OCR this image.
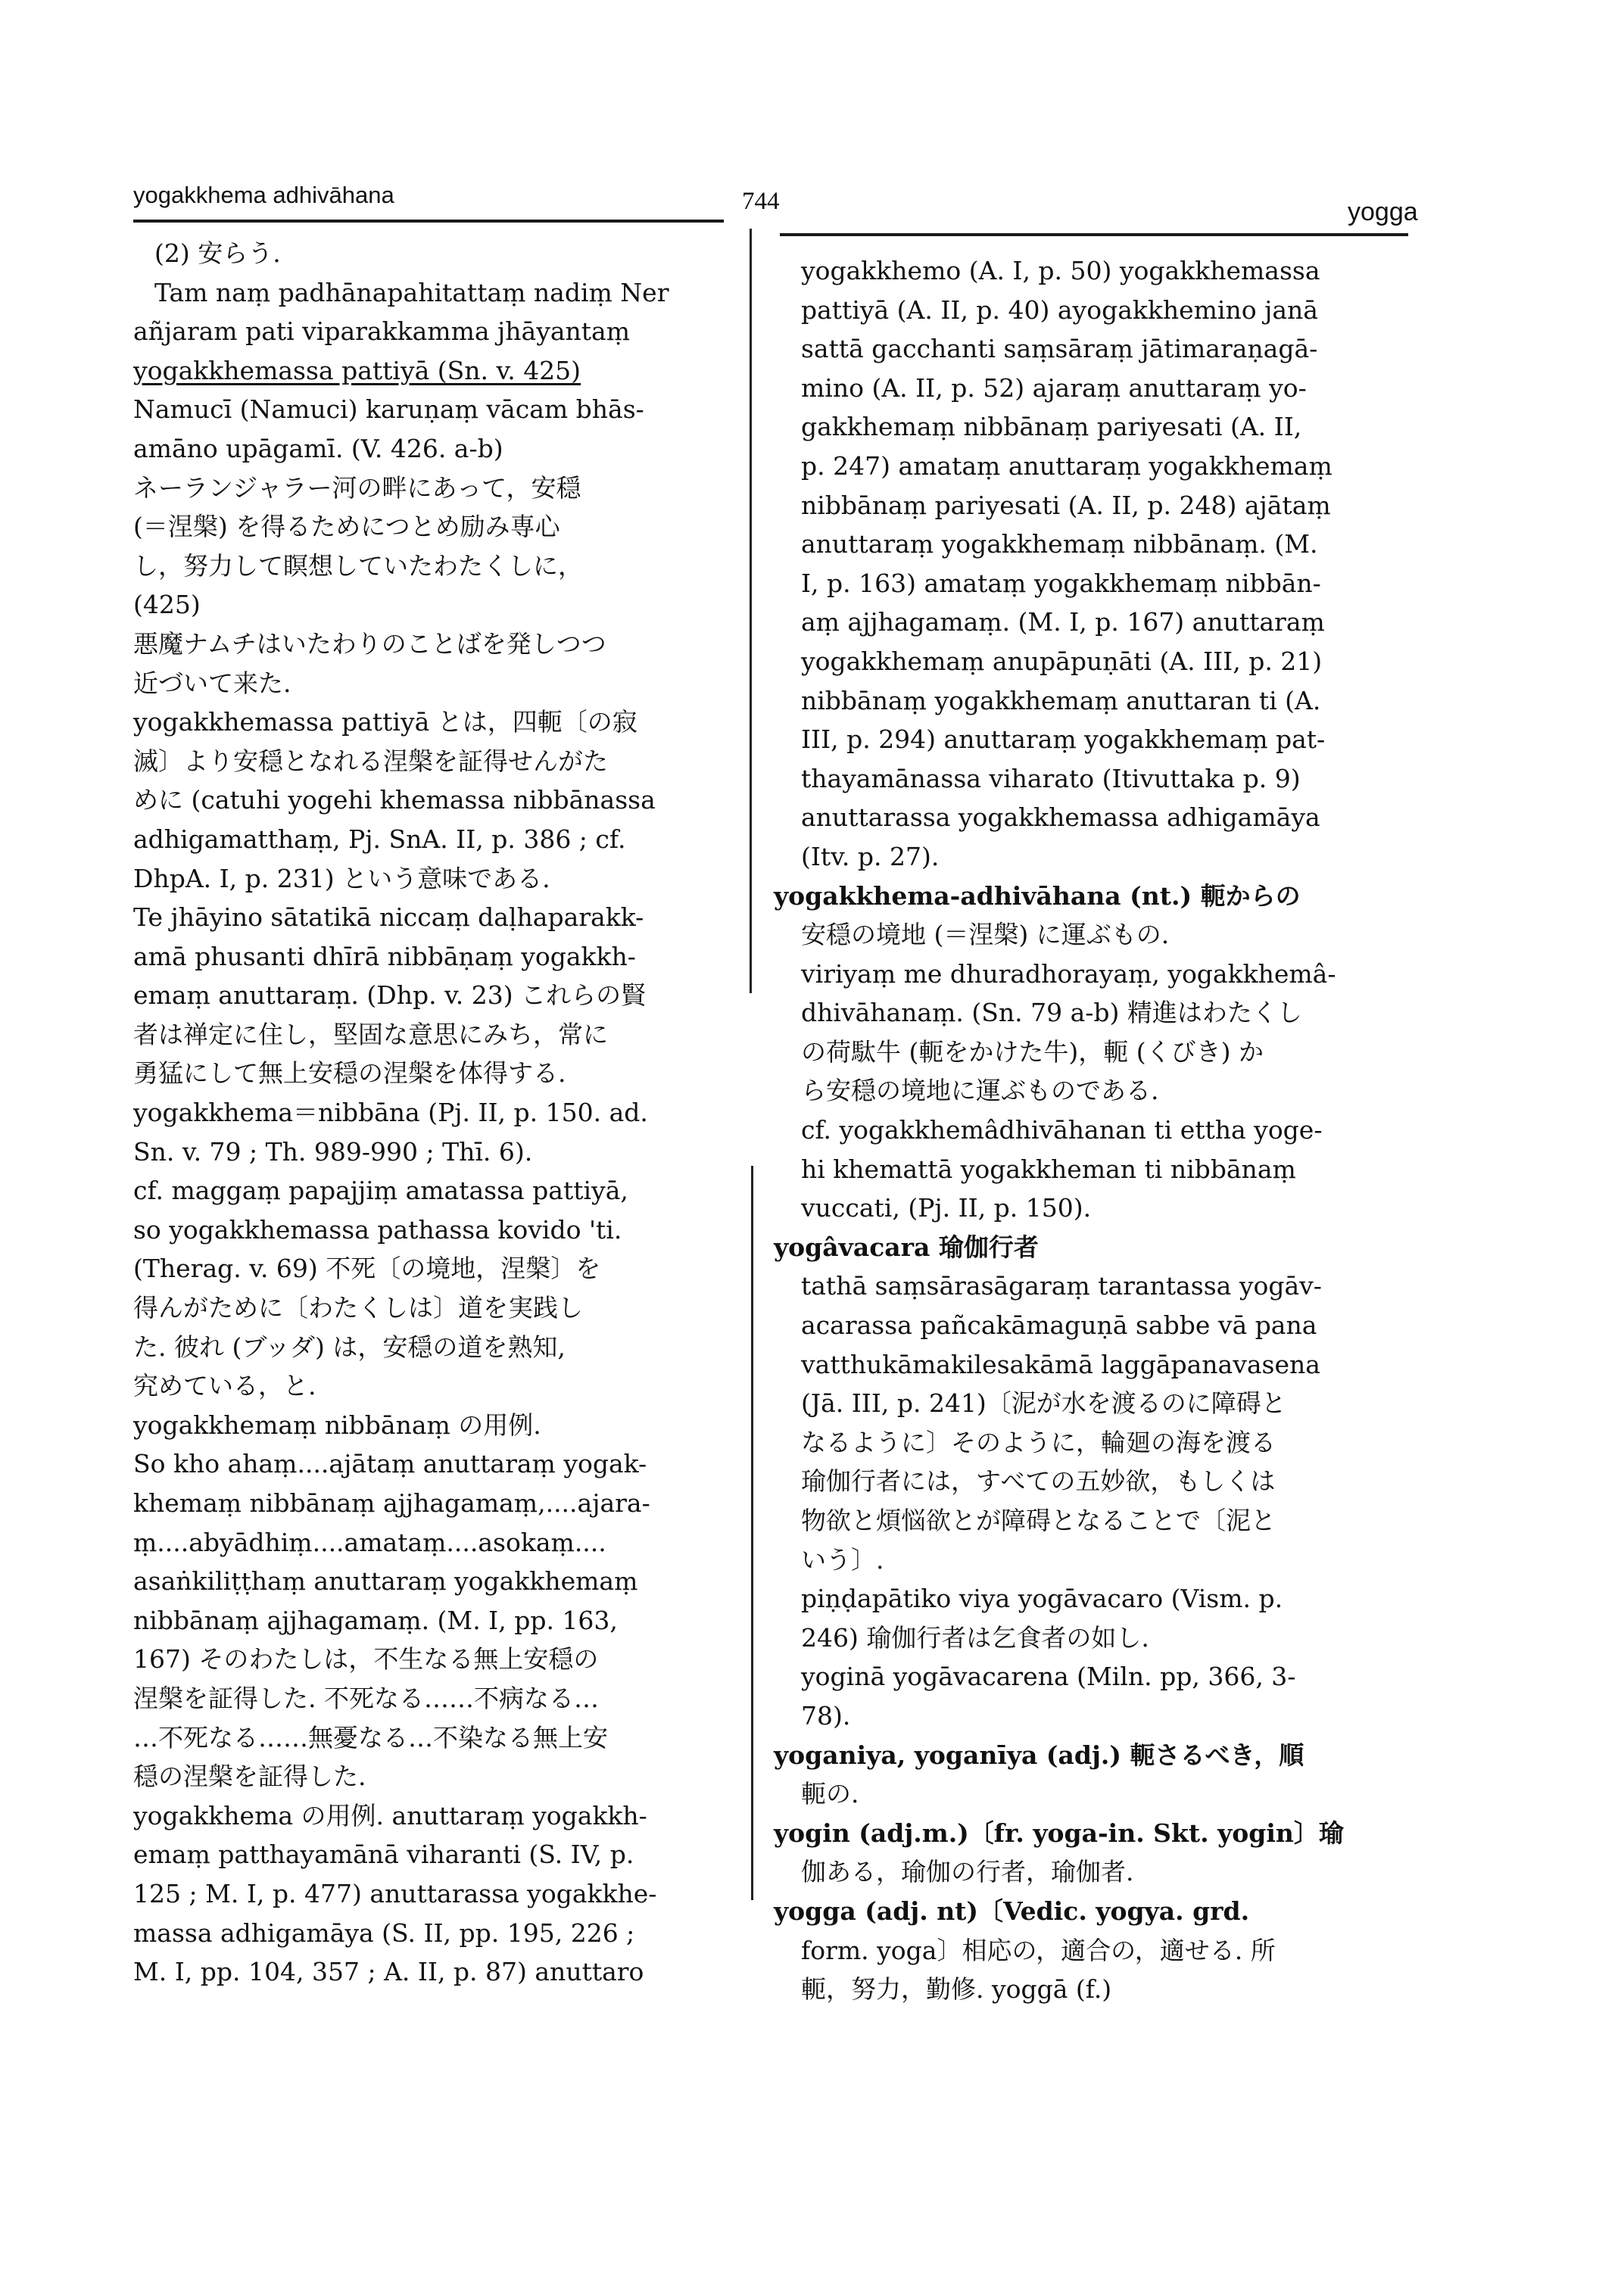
yogakkhema adhivāhana	744	yogga
(2) 安らう.
Tam naṃ padhānapahitattaṃ nadiṃ Ner
añjaram pati viparakkamma jhāyantaṃ
yogakkhemassa pattiyā (Sn. v. 425)
Namucī (Namuci) karuṇaṃ vācam bhās-
amāno upāgamī. (V. 426. a-b)
ネーランジャラー河の畔にあって，安穏
(＝涅槃) を得るためにつとめ励み専心
し，努力して瞑想していたわたくしに，
(425)
悪魔ナムチはいたわりのことばを発しつつ
近づいて来た.
yogakkhemassa pattiyā とは，四軛〔の寂
滅〕より安穏となれる涅槃を証得せんがた
めに (catuhi yogehi khemassa nibbānassa
adhigamatthaṃ, Pj. SnA. II, p. 386 ; cf.
DhpA. I, p. 231) という意味である.
Te jhāyino sātatikā niccaṃ daḷhaparakk-
amā phusanti dhīrā nibbāṇaṃ yogakkh-
emaṃ anuttaraṃ. (Dhp. v. 23) これらの賢
者は禅定に住し，堅固な意思にみち，常に
勇猛にして無上安穏の涅槃を体得する.
yogakkhema＝nibbāna (Pj. II, p. 150. ad.
Sn. v. 79 ; Th. 989-990 ; Thī. 6).
cf. maggaṃ papajjiṃ amatassa pattiyā,
so yogakkhemassa pathassa kovido 'ti.
(Therag. v. 69) 不死〔の境地，涅槃〕を
得んがために〔わたくしは〕道を実践し
た. 彼れ (ブッダ) は，安穏の道を熟知,
究めている，と.
yogakkhemaṃ nibbānaṃ の用例.
So kho ahaṃ....ajātaṃ anuttaraṃ yogak-
khemaṃ nibbānaṃ ajjhagamaṃ,....ajara-
ṃ....abyādhiṃ....amataṃ....asokaṃ....
asaṅkiliṭṭhaṃ anuttaraṃ yogakkhemaṃ
nibbānaṃ ajjhagamaṃ. (M. I, pp. 163,
167) そのわたしは，不生なる無上安穏の
涅槃を証得した. 不死なる……不病なる…
…不死なる……無憂なる…不染なる無上安
穏の涅槃を証得した.
yogakkhema の用例. anuttaraṃ yogakkh-
emaṃ patthayamānā viharanti (S. IV, p.
125 ; M. I, p. 477) anuttarassa yogakkhe-
massa adhigamāya (S. II, pp. 195, 226 ;
M. I, pp. 104, 357 ; A. II, p. 87) anuttaro
yogakkhemo (A. I, p. 50) yogakkhemassa
pattiyā (A. II, p. 40) ayogakkheminо janā
sattā gacchanti saṃsāraṃ jātimaraṇagā-
mino (A. II, p. 52) ajaraṃ anuttaraṃ yo-
gakkhemaṃ nibbānaṃ pariyesati (A. II,
p. 247) amataṃ anuttaraṃ yogakkhemaṃ
nibbānaṃ pariyesati (A. II, p. 248) ajātaṃ
anuttaraṃ yogakkhemaṃ nibbānaṃ. (M.
I, p. 163) amataṃ yogakkhemaṃ nibbān-
aṃ ajjhagamaṃ. (M. I, p. 167) anuttaraṃ
yogakkhemaṃ anupāpuṇāti (A. III, p. 21)
nibbānaṃ yogakkhemaṃ anuttaran ti (A.
III, p. 294) anuttaraṃ yogakkhemaṃ pat-
thayamānassa viharato (Itivuttaka p. 9)
anuttarassa yogakkhemassa adhigamāya
(Itv. p. 27).
yogakkhema-adhivāhana (nt.) 軛からの
安穏の境地 (＝涅槃) に運ぶもの.
viriyaṃ me dhuradhorayaṃ, yogakkhemâ-
dhivāhanaṃ. (Sn. 79 a-b) 精進はわたくし
の荷駄牛 (軛をかけた牛)，軛 (くびき) か
ら安穏の境地に運ぶものである.
cf. yogakkhemâdhivāhanan ti ettha yoge-
hi khemattā yogakkheman ti nibbānaṃ
vuccati, (Pj. II, p. 150).
yogâvacara 瑜伽行者
tathā saṃsārasāgaraṃ tarantassa yogāv-
acarassa pañcakāmaguṇā sabbe vā pana
vatthukāmakilesakāmā laggāpanavasena
(Jā. III, p. 241)〔泥が水を渡るのに障碍と
なるように〕そのように，輪廻の海を渡る
瑜伽行者には，すべての五妙欲，もしくは
物欲と煩悩欲とが障碍となることで〔泥と
いう〕.
piṇḍapātiko viya yogāvacaro (Vism. p.
246) 瑜伽行者は乞食者の如し.
yoginā yogāvacarena (Miln. pp, 366, 3-
78).
yoganiya, yoganīya (adj.) 軛さるべき，順
軛の.
yogin (adj.m.)〔fr. yoga-in. Skt. yogin〕瑜
伽ある，瑜伽の行者，瑜伽者.
yogga (adj. nt)〔Vedic. yogya. grd.
form. yoga〕相応の，適合の，適せる. 所
軛，努力，勤修. yoggā (f.)
